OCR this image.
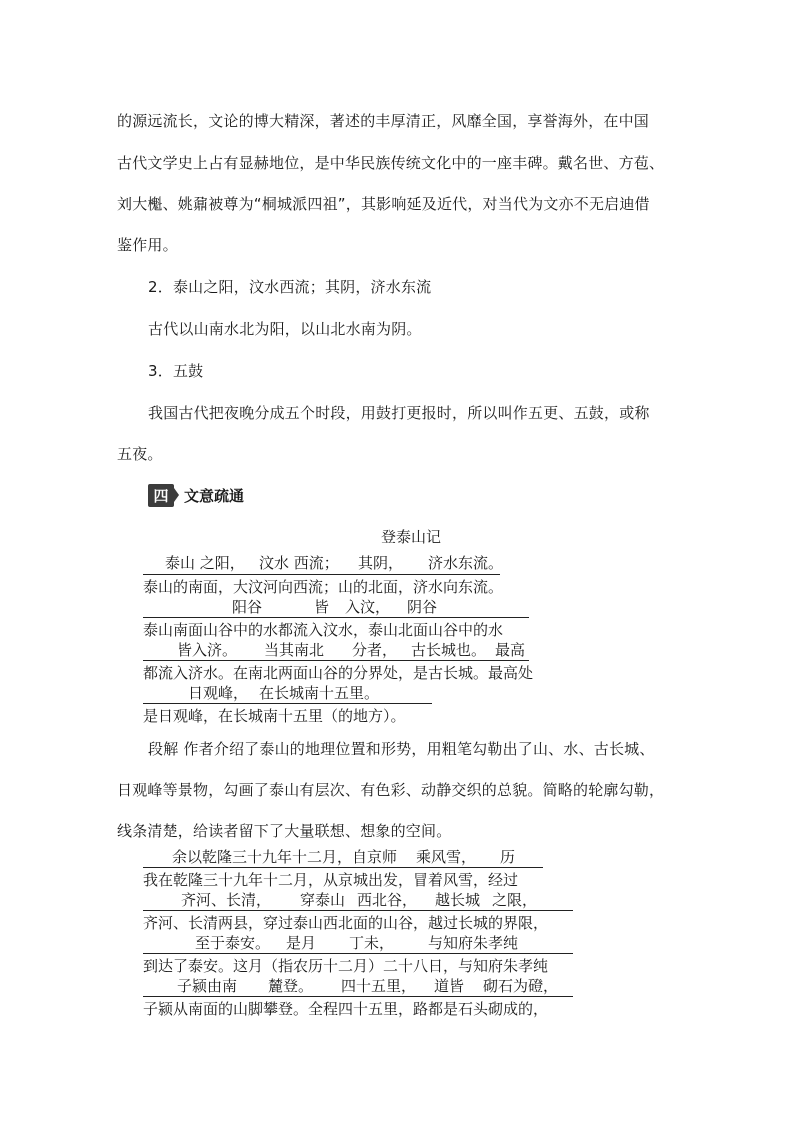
的源远流长，文论的博大精深，著述的丰厚清正，风靡全国，享誉海外，在中国
古代文学史上占有显赫地位，是中华民族传统文化中的一座丰碑。戴名世、方苞、
刘大櫆、姚鼐被尊为“桐城派四祖”，其影响延及近代，对当代为文亦不无启迪借
鉴作用。
2．泰山之阳，汶水西流；其阴，济水东流
古代以山南水北为阳，以山北水南为阴。
3．五鼓
我国古代把夜晚分成五个时段，用鼓打更报时，所以叫作五更、五鼓，或称
五夜。
四	文意疏通
登泰山记
泰山 之阳， 汶水 西流； 其阴， 济水东流。
泰山的南面，大汶河向西流；山的北面，济水向东流。
阳谷	皆 入汶， 阴谷
泰山南面山谷中的水都流入汶水，泰山北面山谷中的水
皆入济。 当其南北 分者， 古长城也。 最高
都流入济水。在南北两面山谷的分界处，是古长城。最高处
日观峰， 在长城南十五里。
是日观峰，在长城南十五里（的地方）。
段解 作者介绍了泰山的地理位置和形势，用粗笔勾勒出了山、水、古长城、
日观峰等景物，勾画了泰山有层次、有色彩、动静交织的总貌。简略的轮廓勾勒，
线条清楚，给读者留下了大量联想、想象的空间。
余以乾隆三十九年十二月，自京师 乘风雪， 历
我在乾隆三十九年十二月，从京城出发，冒着风雪，经过
齐河、长清， 穿泰山 西北谷， 越长城 之限，
齐河、长清两县，穿过泰山西北面的山谷，越过长城的界限，
至于泰安。 是月 丁未， 与知府朱孝纯
到达了泰安。这月（指农历十二月）二十八日，与知府朱孝纯
子颍由南 麓登。 四十五里， 道皆 砌石为磴，
子颍从南面的山脚攀登。全程四十五里，路都是石头砌成的，
